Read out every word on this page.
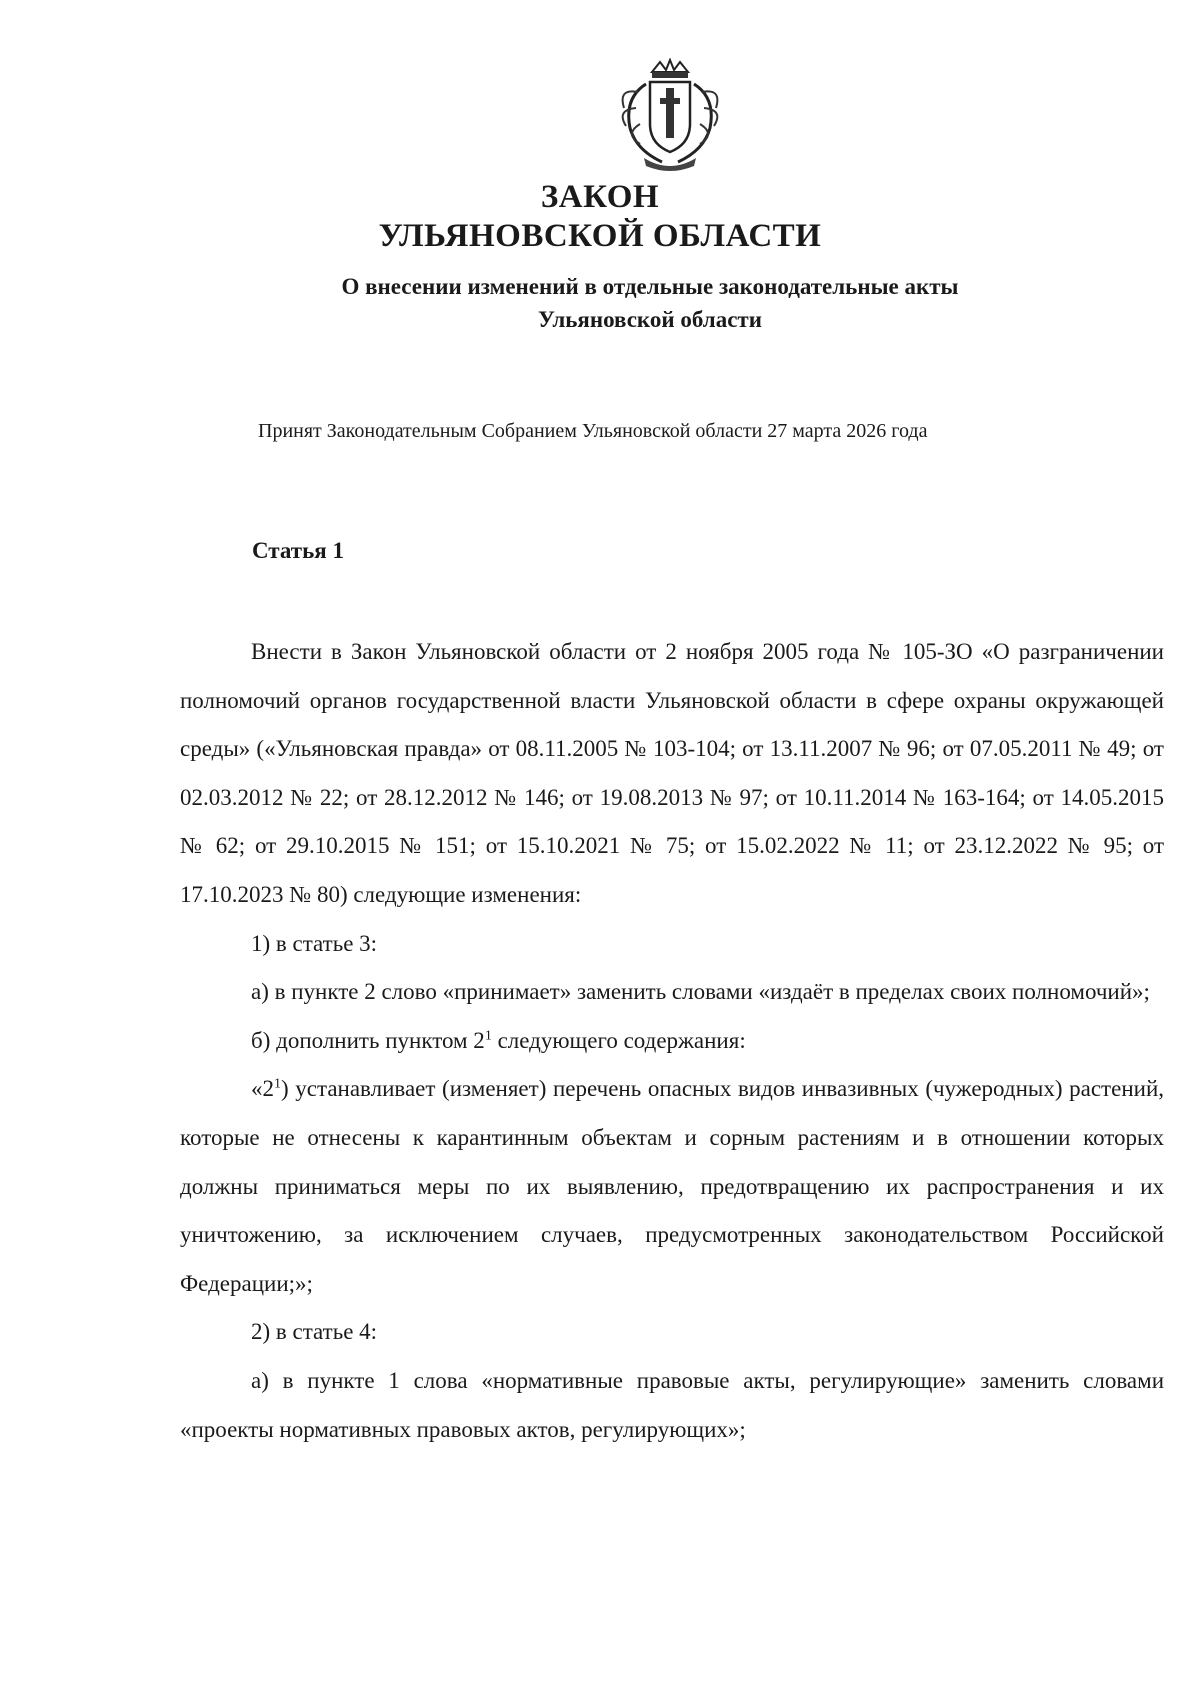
ЗАКОН
УЛЬЯНОВСКОЙ ОБЛАСТИ
О внесении изменений в отдельные законодательные акты
Ульяновской области
Принят Законодательным Собранием Ульяновской области 27 марта 2026 года
Статья 1

Внести в Закон Ульяновской области от 2 ноября 2005 года № 105-ЗО «О разграничении полномочий органов государственной власти Ульяновской области в сфере охраны окружающей среды» («Ульяновская правда» от 08.11.2005 № 103-104; от 13.11.2007 № 96; от 07.05.2011 № 49; от 02.03.2012 № 22; от 28.12.2012 № 146; от 19.08.2013 № 97; от 10.11.2014 № 163-164; от 14.05.2015 № 62; от 29.10.2015 № 151; от 15.10.2021 № 75; от 15.02.2022 № 11; от 23.12.2022 № 95; от 17.10.2023 № 80) следующие изменения:

1) в статье 3:

а) в пункте 2 слово «принимает» заменить словами «издаёт в пределах своих полномочий»;

б) дополнить пунктом $2^1$ следующего содержания:

«$2^1$) устанавливает (изменяет) перечень опасных видов инвазивных (чужеродных) растений, которые не отнесены к карантинным объектам и сорным растениям и в отношении которых должны приниматься меры по их выявлению, предотвращению их распространения и их уничтожению, за исключением случаев, предусмотренных законодательством Российской Федерации;»;

2) в статье 4:

а) в пункте 1 слова «нормативные правовые акты, регулирующие» заменить словами «проекты нормативных правовых актов, регулирующих»;
